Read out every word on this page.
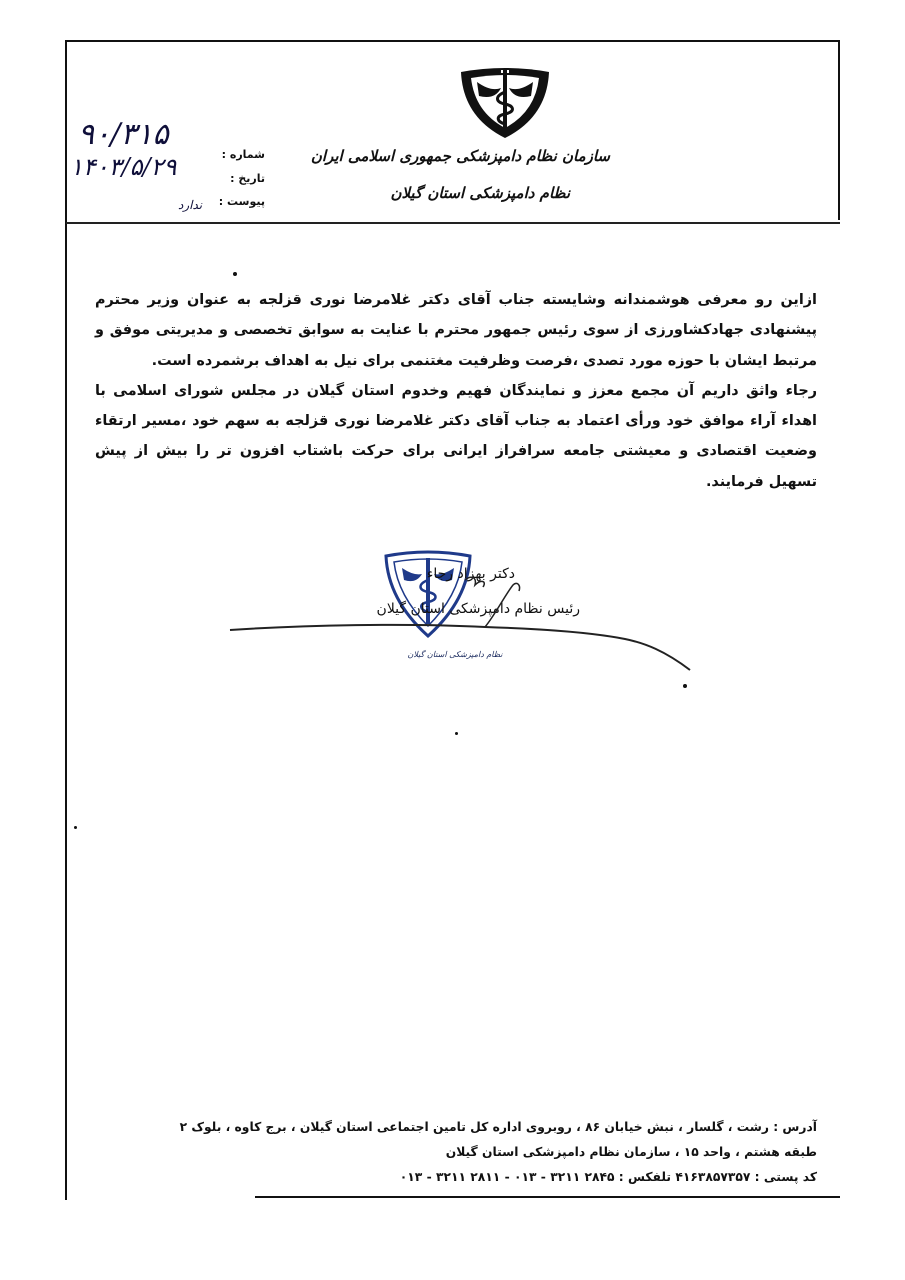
سازمان نظام دامپزشکی جمهوری اسلامی ایران
نظام دامپزشکی استان گیلان
شماره :
تاریخ :
پیوست :
۹۰/۳۱۵
۱۴۰۳/۵/۲۹
ندارد

ازاین رو معرفی هوشمندانه وشایسته جناب آقای دکتر غلامرضا نوری قزلجه به عنوان وزیر محترم پیشنهادی جهادکشاورزی از سوی رئیس جمهور محترم با عنایت به سوابق تخصصی و مدیریتی موفق و مرتبط ایشان با حوزه مورد تصدی ،فرصت وظرفیت مغتنمی برای نیل به اهداف برشمرده است.

رجاء واثق داریم آن مجمع معزز و نمایندگان فهیم وخدوم استان گیلان در مجلس شورای اسلامی با اهداء آراء موافق خود ورأی اعتماد به جناب آقای دکتر غلامرضا نوری قزلجه به سهم خود ،مسیر ارتقاء وضعیت اقتصادی و معیشتی جامعه سرافراز ایرانی برای حرکت باشتاب افزون تر را بیش از پیش تسهیل فرمایند.

دکتر بهزاد رجاء
رئیس نظام دامپزشکی استان گیلان
نظام دامپزشکی استان گیلان
آدرس : رشت ، گلسار ، نبش خیابان ۸۶ ، روبروی اداره کل تامین اجتماعی استان گیلان ، برج کاوه ، بلوک ۲
طبقه هشتم ، واحد ۱۵ ، سازمان نظام دامپزشکی استان گیلان
کد پستی : ۴۱۶۳۸۵۷۳۵۷ تلفکس : ۲۸۴۵ ۳۲۱۱ - ۰۱۳ - ۲۸۱۱ ۳۲۱۱ - ۰۱۳
